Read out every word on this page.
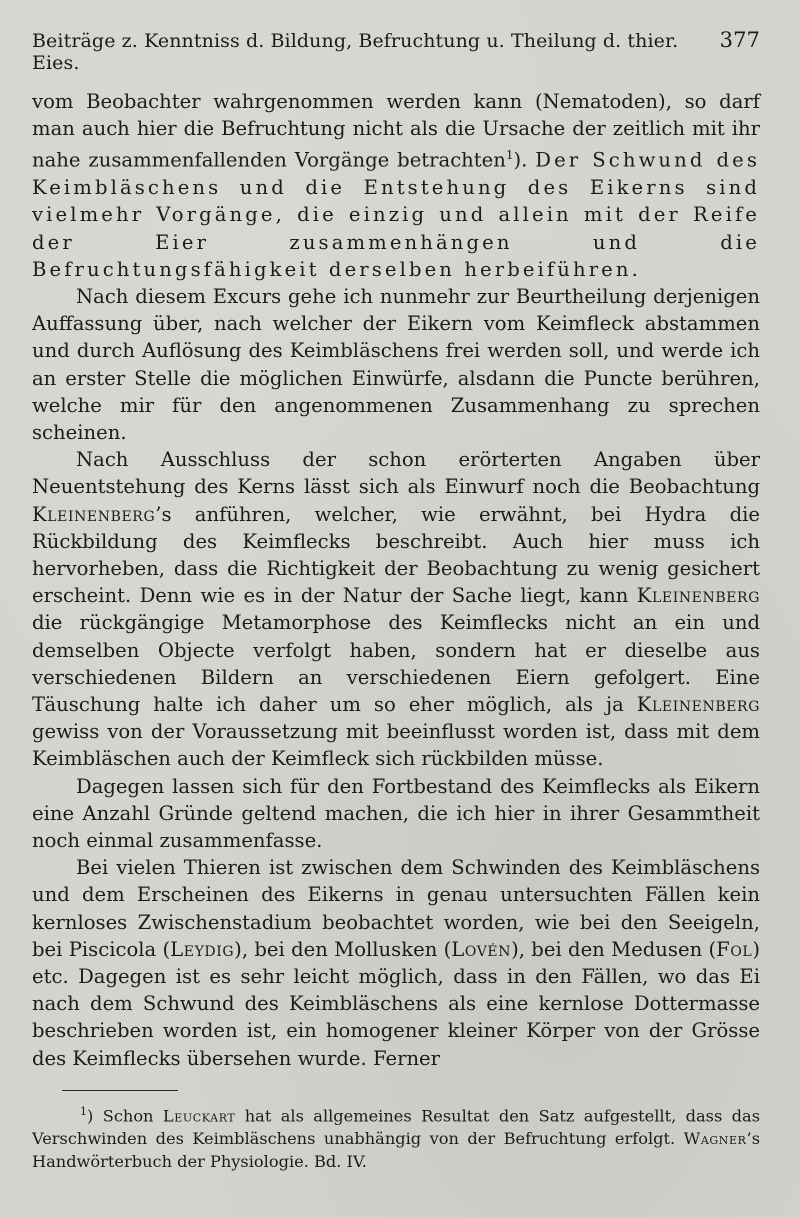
Beiträge z. Kenntniss d. Bildung, Befruchtung u. Theilung d. thier. Eies.
377

vom Beobachter wahrgenommen werden kann (Nematoden), so darf man auch hier die Befruchtung nicht als die Ursache der zeitlich mit ihr nahe zusammenfallenden Vorgänge betrachten$^1$). Der Schwund des Keimbläschens und die Entstehung des Eikerns sind vielmehr Vorgänge, die einzig und allein mit der Reife der Eier zusammenhängen und die Befruchtungsfähigkeit derselben herbeiführen.

Nach diesem Excurs gehe ich nunmehr zur Beurtheilung derjenigen Auffassung über, nach welcher der Eikern vom Keimfleck abstammen und durch Auflösung des Keimbläschens frei werden soll, und werde ich an erster Stelle die möglichen Einwürfe, alsdann die Puncte berühren, welche mir für den angenommenen Zusammenhang zu sprechen scheinen.

Nach Ausschluss der schon erörterten Angaben über Neuentstehung des Kerns lässt sich als Einwurf noch die Beobachtung Kleinenberg’s anführen, welcher, wie erwähnt, bei Hydra die Rückbildung des Keimflecks beschreibt. Auch hier muss ich hervorheben, dass die Richtigkeit der Beobachtung zu wenig gesichert erscheint. Denn wie es in der Natur der Sache liegt, kann Kleinenberg die rückgängige Metamorphose des Keimflecks nicht an ein und demselben Objecte verfolgt haben, sondern hat er dieselbe aus verschiedenen Bildern an verschiedenen Eiern gefolgert. Eine Täuschung halte ich daher um so eher möglich, als ja Kleinenberg gewiss von der Voraussetzung mit beeinflusst worden ist, dass mit dem Keimbläschen auch der Keimfleck sich rückbilden müsse.

Dagegen lassen sich für den Fortbestand des Keimflecks als Eikern eine Anzahl Gründe geltend machen, die ich hier in ihrer Gesammtheit noch einmal zusammenfasse.

Bei vielen Thieren ist zwischen dem Schwinden des Keimbläschens und dem Erscheinen des Eikerns in genau untersuchten Fällen kein kernloses Zwischenstadium beobachtet worden, wie bei den Seeigeln, bei Piscicola (Leydig), bei den Mollusken (Lovén), bei den Medusen (Fol) etc. Dagegen ist es sehr leicht möglich, dass in den Fällen, wo das Ei nach dem Schwund des Keimbläschens als eine kernlose Dottermasse beschrieben worden ist, ein homogener kleiner Körper von der Grösse des Keimflecks übersehen wurde. Ferner

$^1$) Schon Leuckart hat als allgemeines Resultat den Satz aufgestellt, dass das Verschwinden des Keimbläschens unabhängig von der Befruchtung erfolgt. Wagner’s Handwörterbuch der Physiologie. Bd. IV.
